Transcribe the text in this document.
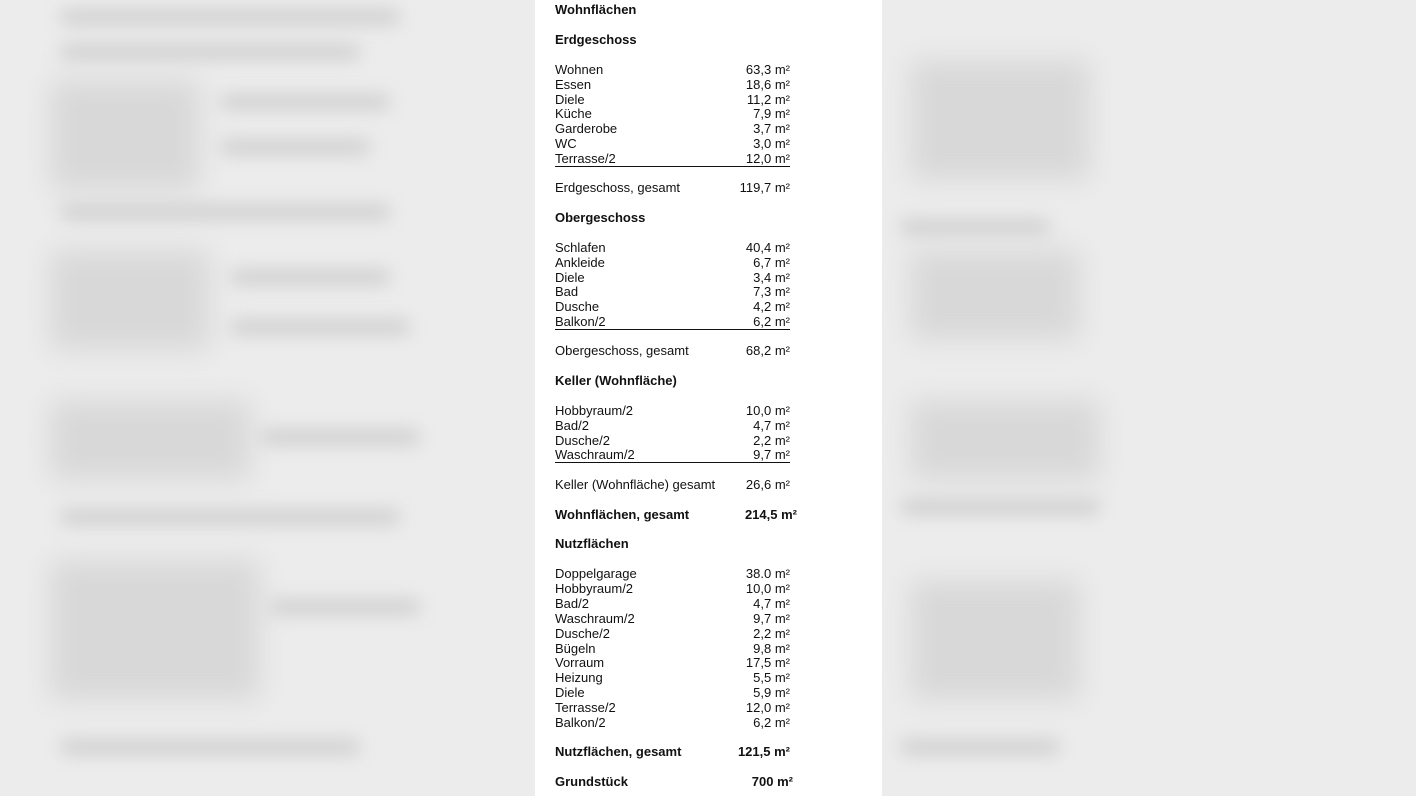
Wohnflächen
Erdgeschoss
Wohnen	63,3 m²
Essen	18,6 m²
Diele	11,2 m²
Küche	7,9 m²
Garderobe	3,7 m²
WC	3,0 m²
Terrasse/2	12,0 m²
Erdgeschoss, gesamt	119,7 m²
Obergeschoss
Schlafen	40,4 m²
Ankleide	6,7 m²
Diele	3,4 m²
Bad	7,3 m²
Dusche	4,2 m²
Balkon/2	6,2 m²
Obergeschoss, gesamt	68,2 m²
Keller (Wohnfläche)
Hobbyraum/2	10,0 m²
Bad/2	4,7 m²
Dusche/2	2,2 m²
Waschraum/2	9,7 m²
Keller (Wohnfläche) gesamt 26,6 m²
Wohnflächen, gesamt	214,5 m²
Nutzflächen
Doppelgarage	38.0 m²
Hobbyraum/2	10,0 m²
Bad/2	4,7 m²
Waschraum/2	9,7 m²
Dusche/2	2,2 m²
Bügeln	9,8 m²
Vorraum	17,5 m²
Heizung	5,5 m²
Diele	5,9 m²
Terrasse/2	12,0 m²
Balkon/2	6,2 m²
Nutzflächen, gesamt	121,5 m²
Grundstück	700 m²
